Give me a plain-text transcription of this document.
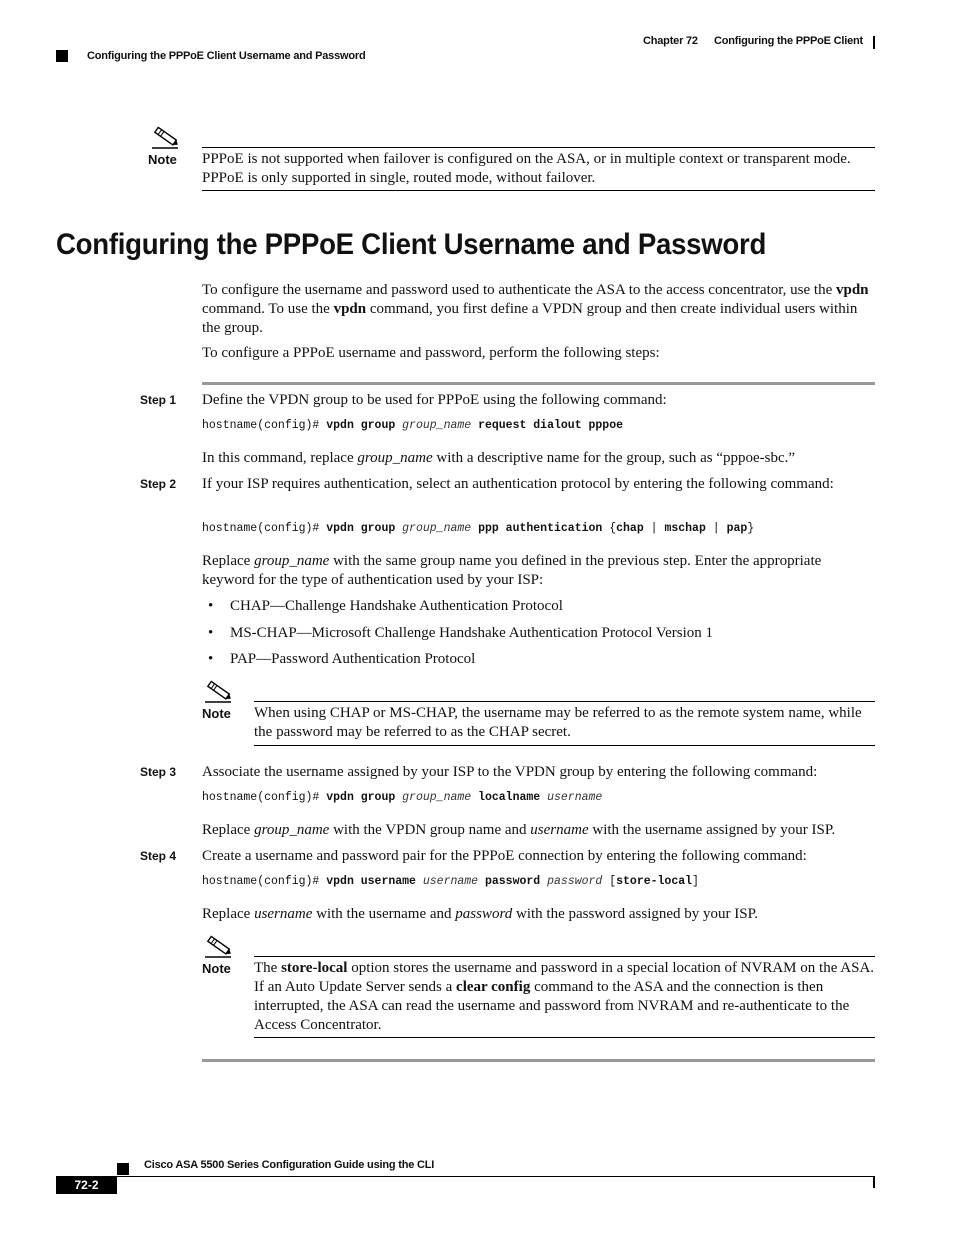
Chapter 72 Configuring the PPPoE Client
Configuring the PPPoE Client Username and Password
Note PPPoE is not supported when failover is configured on the ASA, or in multiple context or transparent mode. PPPoE is only supported in single, routed mode, without failover.
Configuring the PPPoE Client Username and Password
To configure the username and password used to authenticate the ASA to the access concentrator, use the vpdn command. To use the vpdn command, you first define a VPDN group and then create individual users within the group.
To configure a PPPoE username and password, perform the following steps:
Step 1 Define the VPDN group to be used for PPPoE using the following command:
hostname(config)# vpdn group group_name request dialout pppoe
In this command, replace group_name with a descriptive name for the group, such as “pppoe-sbc.”
Step 2 If your ISP requires authentication, select an authentication protocol by entering the following command:
hostname(config)# vpdn group group_name ppp authentication {chap | mschap | pap}
Replace group_name with the same group name you defined in the previous step. Enter the appropriate keyword for the type of authentication used by your ISP:
• CHAP—Challenge Handshake Authentication Protocol
• MS-CHAP—Microsoft Challenge Handshake Authentication Protocol Version 1
• PAP—Password Authentication Protocol
Note When using CHAP or MS-CHAP, the username may be referred to as the remote system name, while the password may be referred to as the CHAP secret.
Step 3 Associate the username assigned by your ISP to the VPDN group by entering the following command:
hostname(config)# vpdn group group_name localname username
Replace group_name with the VPDN group name and username with the username assigned by your ISP.
Step 4 Create a username and password pair for the PPPoE connection by entering the following command:
hostname(config)# vpdn username username password password [store-local]
Replace username with the username and password with the password assigned by your ISP.
Note The store-local option stores the username and password in a special location of NVRAM on the ASA. If an Auto Update Server sends a clear config command to the ASA and the connection is then interrupted, the ASA can read the username and password from NVRAM and re-authenticate to the Access Concentrator.
Cisco ASA 5500 Series Configuration Guide using the CLI
72-2
